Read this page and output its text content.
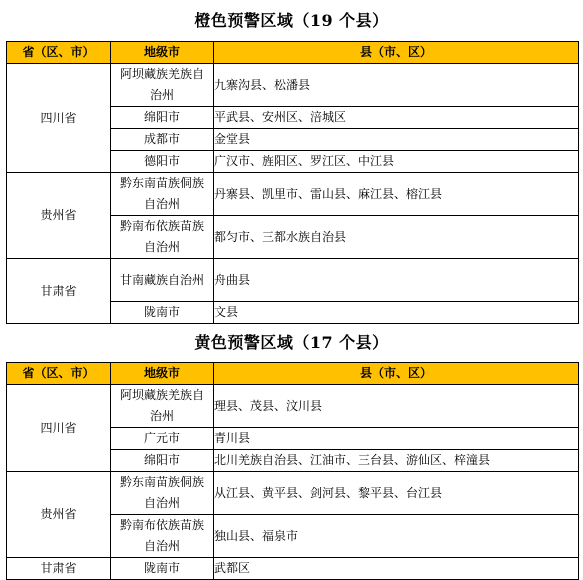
橙色预警区域（19 个县）
省（区、市）	地级市	县（市、区）
四川省	阿坝藏族羌族自治州	九寨沟县、松潘县
	绵阳市	平武县、安州区、涪城区
	成都市	金堂县
	德阳市	广汉市、旌阳区、罗江区、中江县
贵州省	黔东南苗族侗族自治州	丹寨县、凯里市、雷山县、麻江县、榕江县
	黔南布依族苗族自治州	都匀市、三都水族自治县
甘肃省	甘南藏族自治州	舟曲县
	陇南市	文县
黄色预警区域（17 个县）
省（区、市）	地级市	县（市、区）
四川省	阿坝藏族羌族自治州	理县、茂县、汶川县
	广元市	青川县
	绵阳市	北川羌族自治县、江油市、三台县、游仙区、梓潼县
贵州省	黔东南苗族侗族自治州	从江县、黄平县、剑河县、黎平县、台江县
	黔南布依族苗族自治州	独山县、福泉市
甘肃省	陇南市	武都区
